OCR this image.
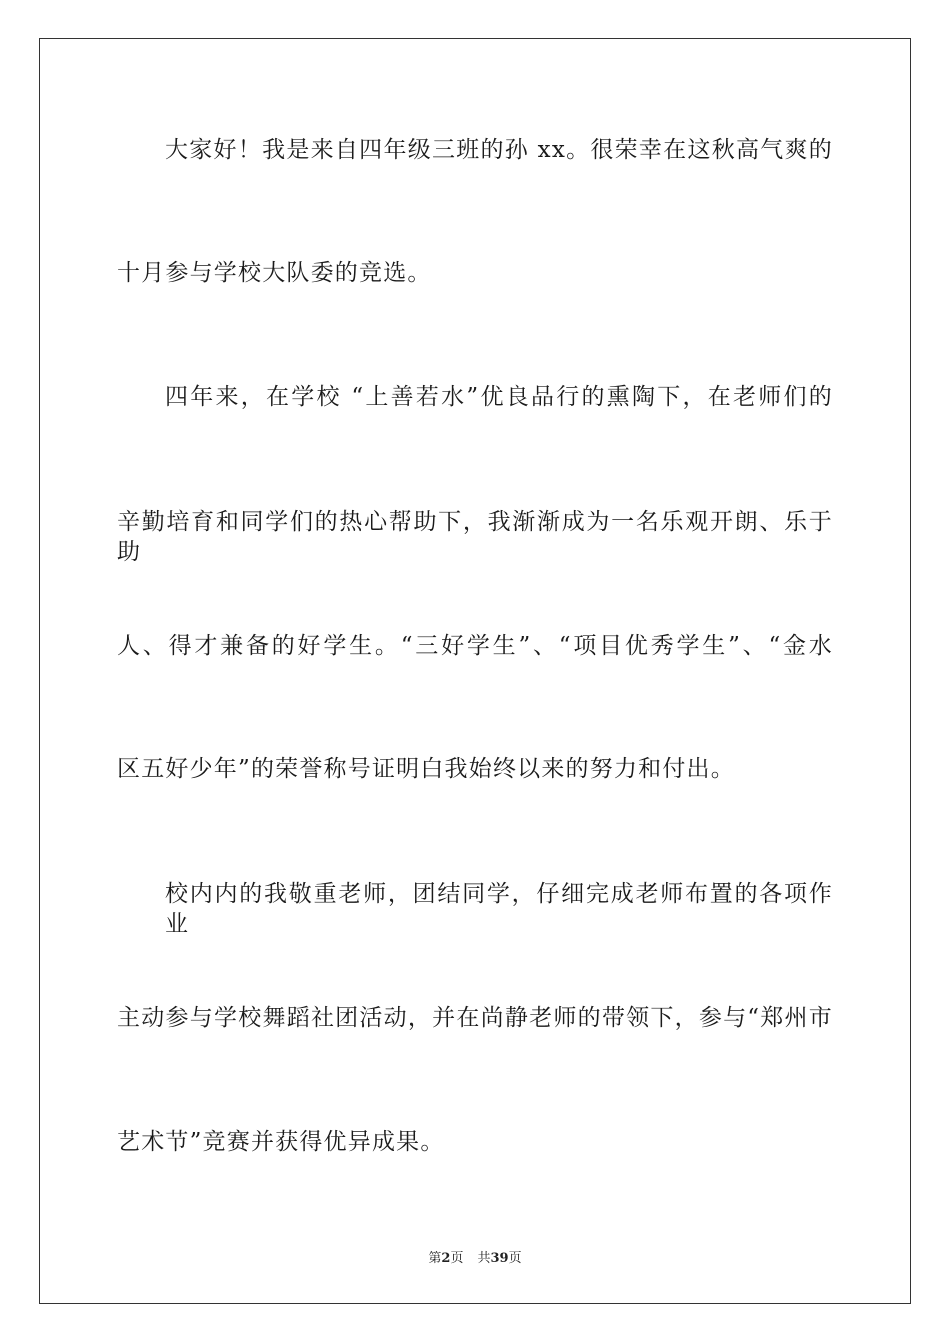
大家好！我是来自四年级三班的孙 xx。很荣幸在这秋高气爽的
十月参与学校大队委的竞选。
四年来，在学校 “上善若水”优良品行的熏陶下，在老师们的
辛勤培育和同学们的热心帮助下，我渐渐成为一名乐观开朗、乐于助
人、得才兼备的好学生。“三好学生”、“项目优秀学生”、“金水
区五好少年”的荣誉称号证明白我始终以来的努力和付出。
校内内的我敬重老师，团结同学，仔细完成老师布置的各项作业
主动参与学校舞蹈社团活动，并在尚静老师的带领下，参与“郑州市
艺术节”竞赛并获得优异成果。
第2页 共39页
